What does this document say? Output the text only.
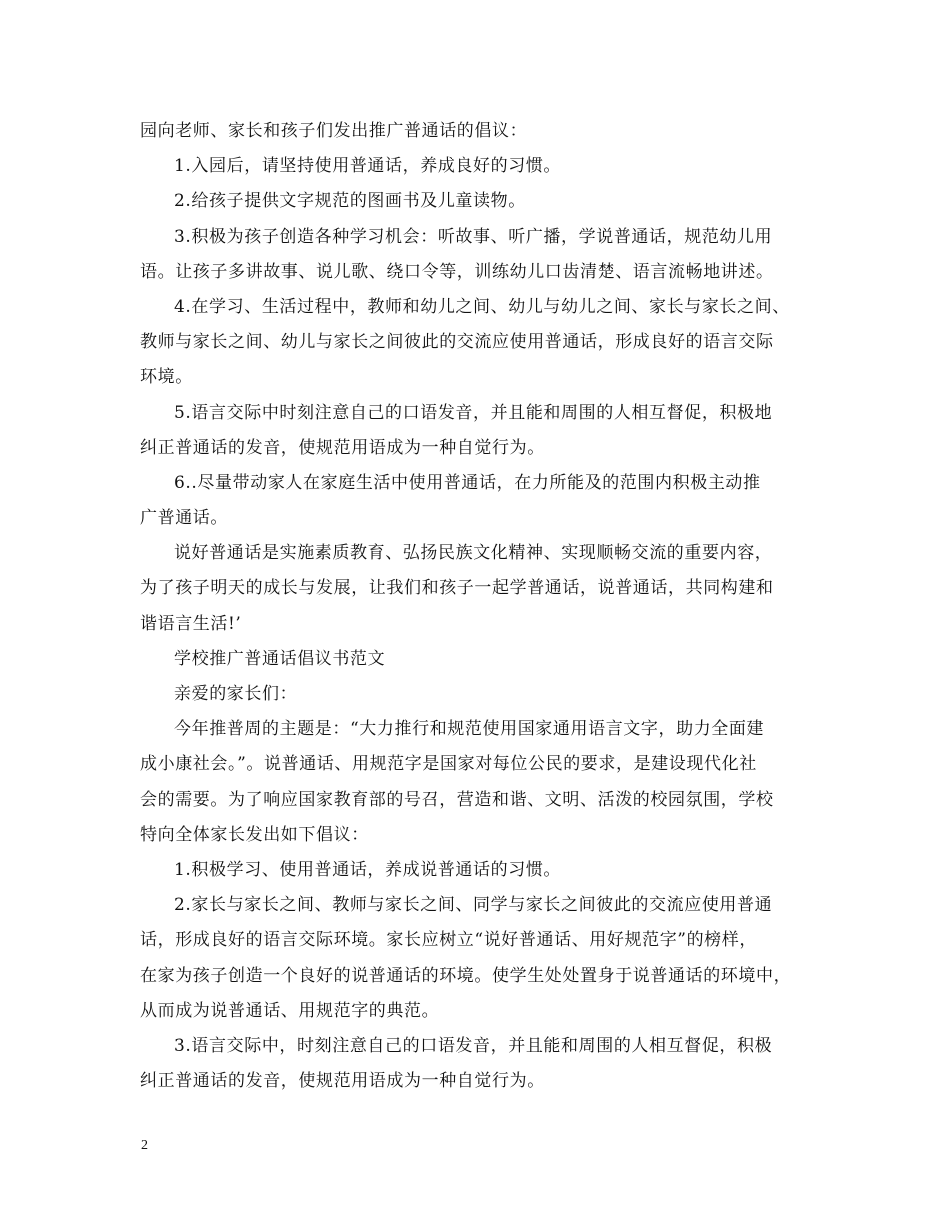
园向老师、家长和孩子们发出推广普通话的倡议：
1.入园后，请坚持使用普通话，养成良好的习惯。
2.给孩子提供文字规范的图画书及儿童读物。
3.积极为孩子创造各种学习机会：听故事、听广播，学说普通话，规范幼儿用
语。让孩子多讲故事、说儿歌、绕口令等，训练幼儿口齿清楚、语言流畅地讲述。
4.在学习、生活过程中，教师和幼儿之间、幼儿与幼儿之间、家长与家长之间、
教师与家长之间、幼儿与家长之间彼此的交流应使用普通话，形成良好的语言交际
环境。
5.语言交际中时刻注意自己的口语发音，并且能和周围的人相互督促，积极地
纠正普通话的发音，使规范用语成为一种自觉行为。
6..尽量带动家人在家庭生活中使用普通话，在力所能及的范围内积极主动推
广普通话。
说好普通话是实施素质教育、弘扬民族文化精神、实现顺畅交流的重要内容，
为了孩子明天的成长与发展，让我们和孩子一起学普通话，说普通话，共同构建和
谐语言生活!’
学校推广普通话倡议书范文
亲爱的家长们：
今年推普周的主题是：“大力推行和规范使用国家通用语言文字，助力全面建
成小康社会。”。说普通话、用规范字是国家对每位公民的要求，是建设现代化社
会的需要。为了响应国家教育部的号召，营造和谐、文明、活泼的校园氛围，学校
特向全体家长发出如下倡议：
1.积极学习、使用普通话，养成说普通话的习惯。
2.家长与家长之间、教师与家长之间、同学与家长之间彼此的交流应使用普通
话，形成良好的语言交际环境。家长应树立“说好普通话、用好规范字”的榜样，
在家为孩子创造一个良好的说普通话的环境。使学生处处置身于说普通话的环境中，
从而成为说普通话、用规范字的典范。
3.语言交际中，时刻注意自己的口语发音，并且能和周围的人相互督促，积极
纠正普通话的发音，使规范用语成为一种自觉行为。
2
